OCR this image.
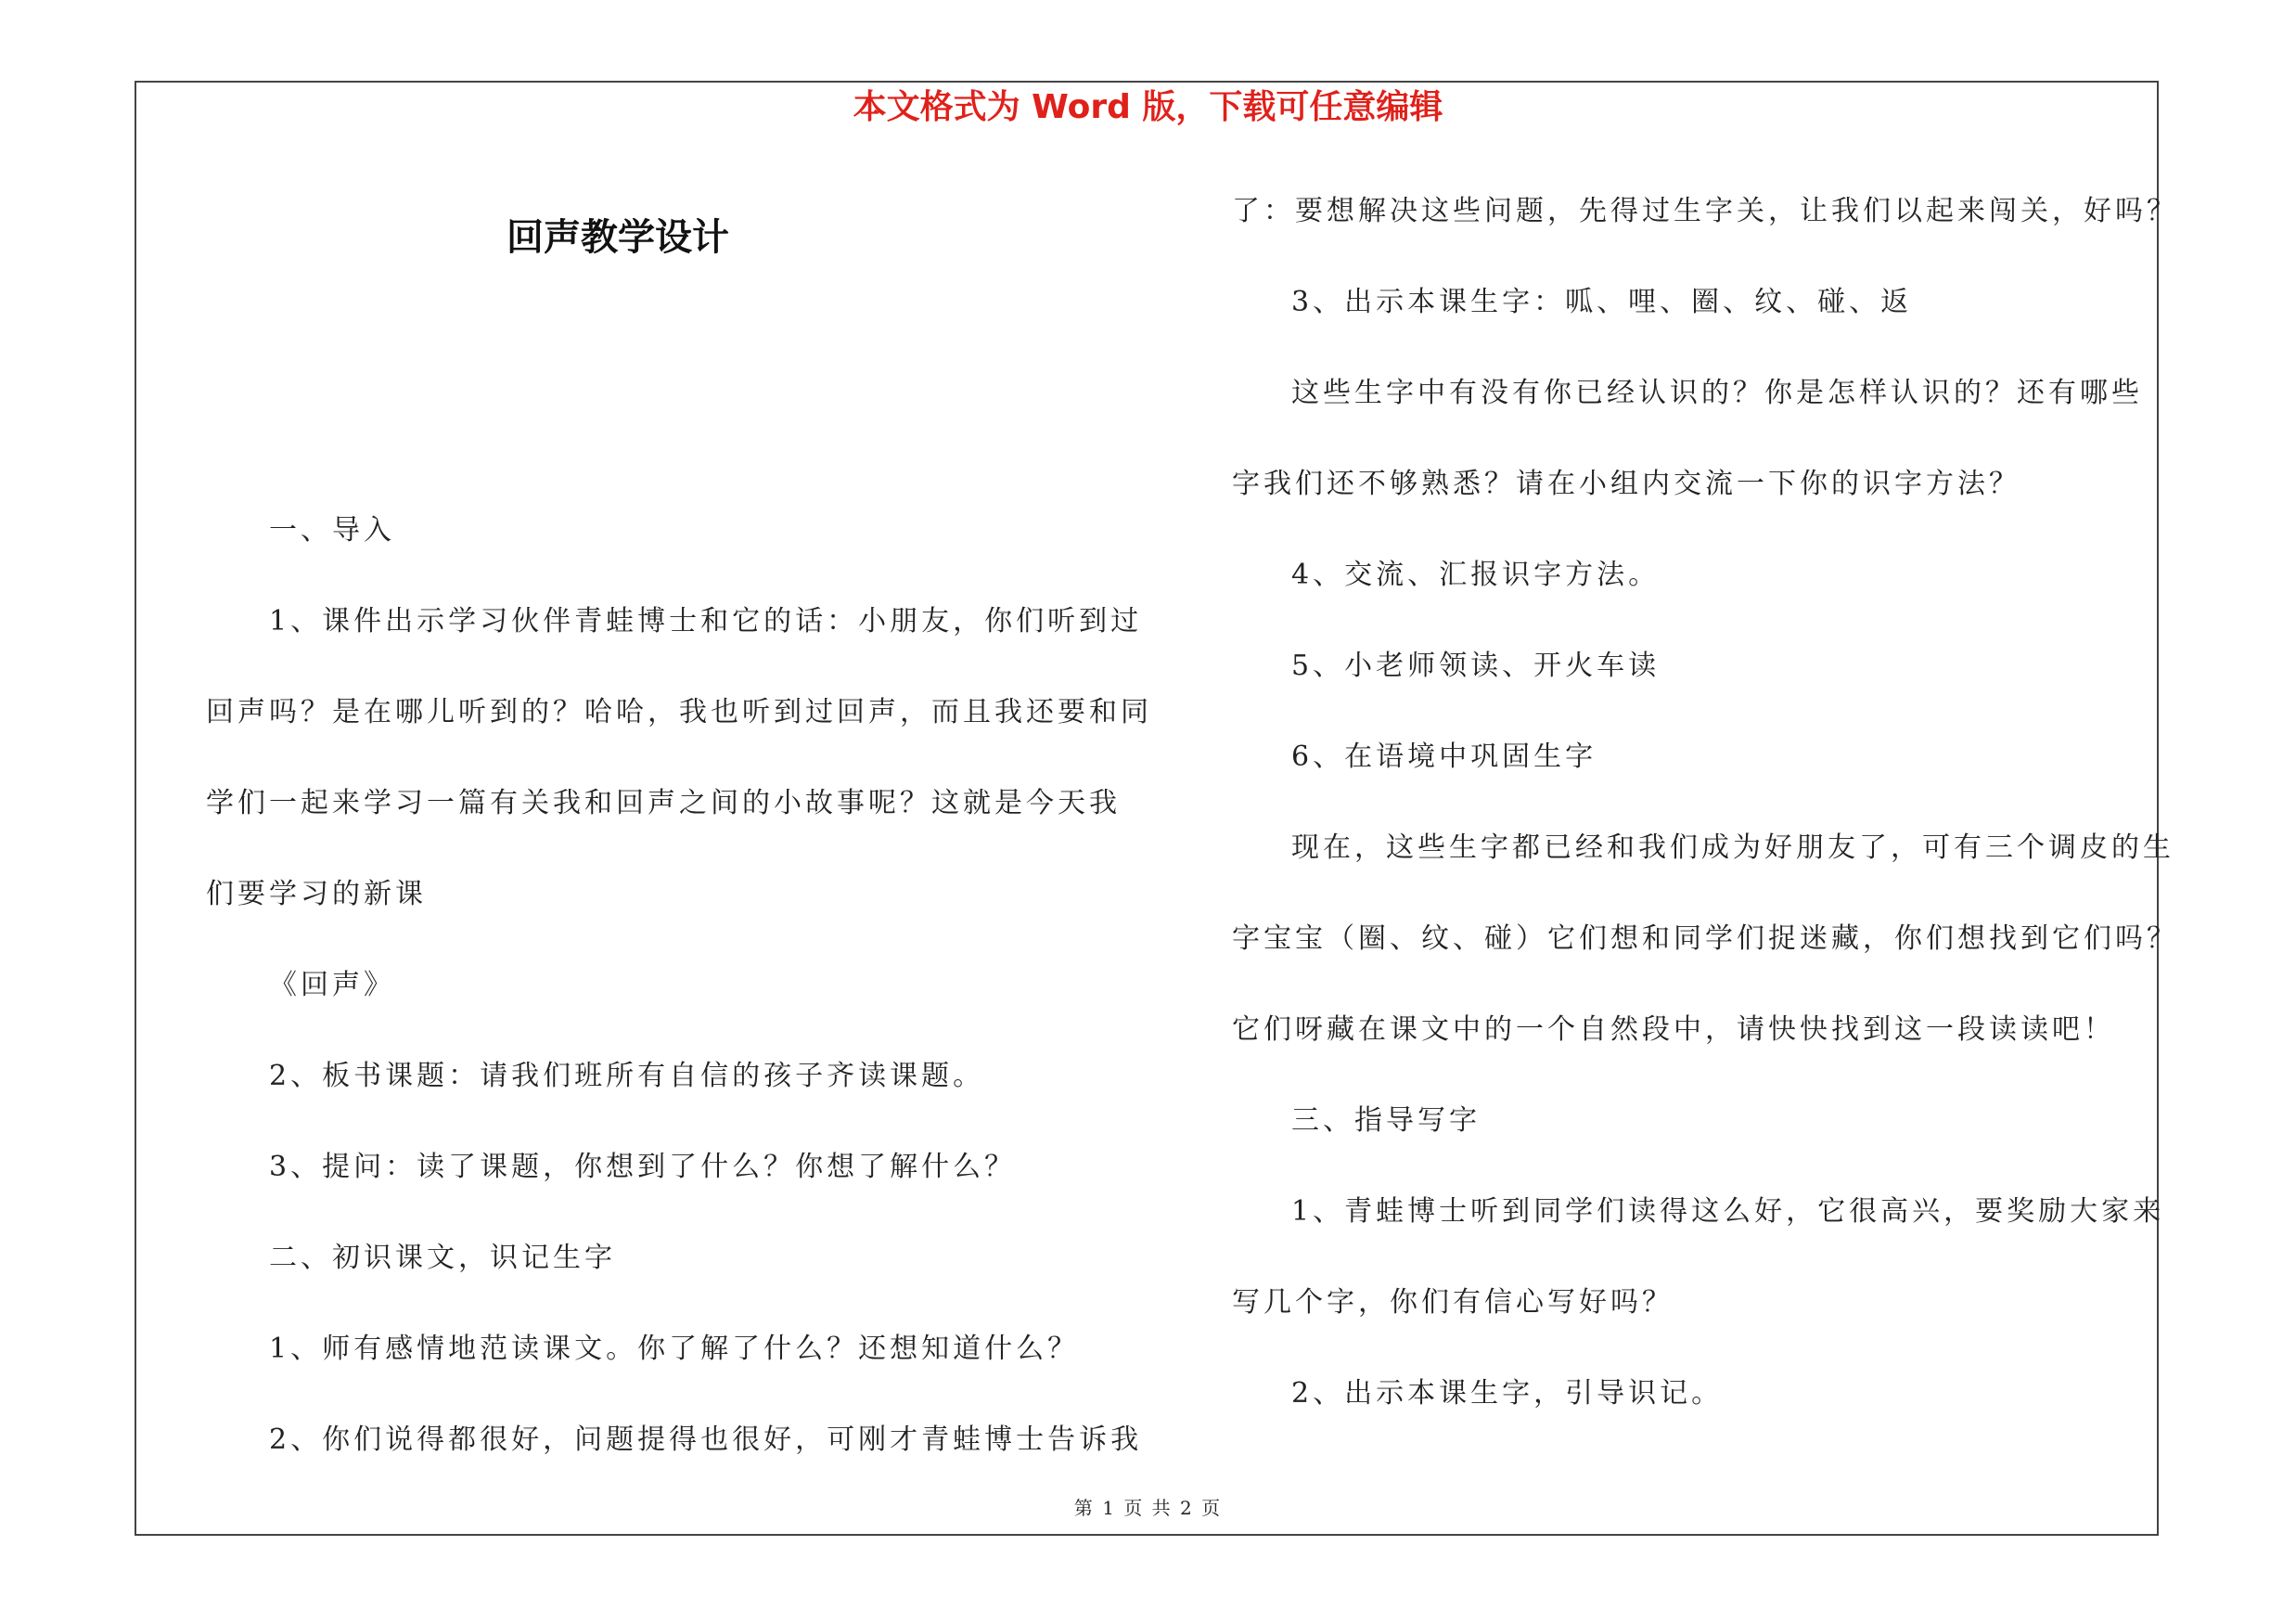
本文格式为 Word 版，下载可任意编辑
回声教学设计

一、导入

1、课件出示学习伙伴青蛙博士和它的话：小朋友，你们听到过

回声吗？是在哪儿听到的？哈哈，我也听到过回声，而且我还要和同

学们一起来学习一篇有关我和回声之间的小故事呢？这就是今天我

们要学习的新课

《回声》

2、板书课题：请我们班所有自信的孩子齐读课题。

3、提问：读了课题，你想到了什么？你想了解什么？

二、初识课文，识记生字

1、师有感情地范读课文。你了解了什么？还想知道什么？

2、你们说得都很好，问题提得也很好，可刚才青蛙博士告诉我

了：要想解决这些问题，先得过生字关，让我们以起来闯关，好吗？

3、出示本课生字：呱、哩、圈、纹、碰、返

这些生字中有没有你已经认识的？你是怎样认识的？还有哪些

字我们还不够熟悉？请在小组内交流一下你的识字方法？

4、交流、汇报识字方法。

5、小老师领读、开火车读

6、在语境中巩固生字

现在，这些生字都已经和我们成为好朋友了，可有三个调皮的生

字宝宝（圈、纹、碰）它们想和同学们捉迷藏，你们想找到它们吗？

它们呀藏在课文中的一个自然段中，请快快找到这一段读读吧！

三、指导写字

1、青蛙博士听到同学们读得这么好，它很高兴，要奖励大家来

写几个字，你们有信心写好吗？

2、出示本课生字，引导识记。

第 1 页 共 2 页
